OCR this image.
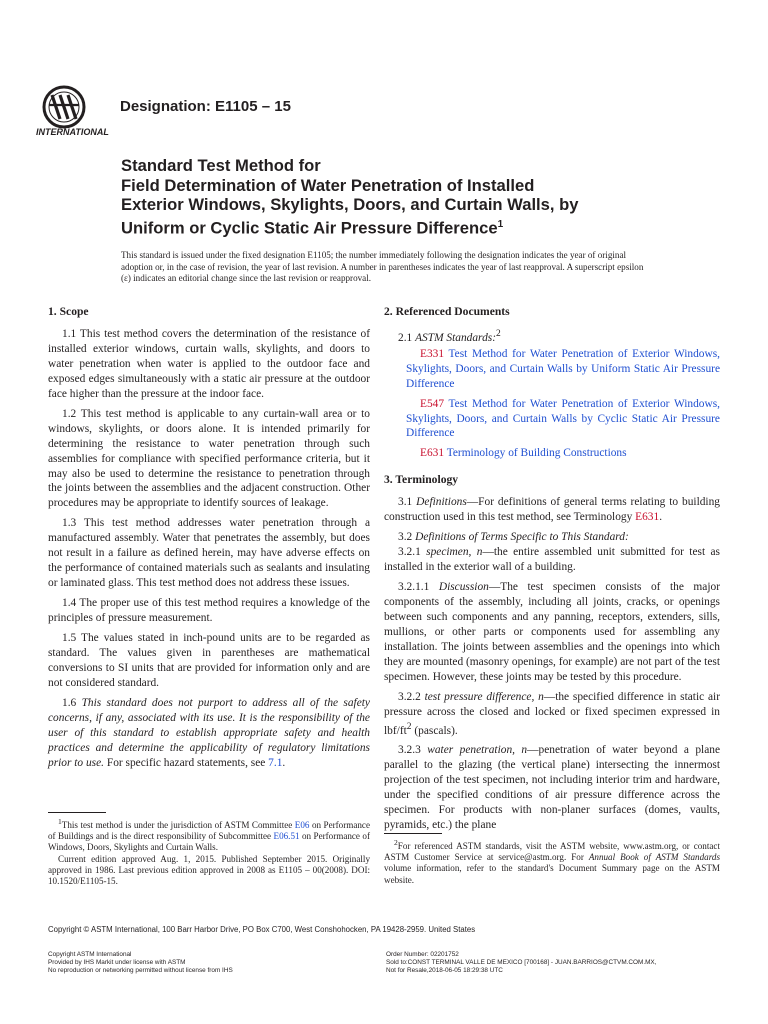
INTERNATIONAL
Designation: E1105 – 15
Standard Test Method for
Field Determination of Water Penetration of Installed
Exterior Windows, Skylights, Doors, and Curtain Walls, by
Uniform or Cyclic Static Air Pressure Difference$^1$
This standard is issued under the fixed designation E1105; the number immediately following the designation indicates the year of original adoption or, in the case of revision, the year of last revision. A number in parentheses indicates the year of last reapproval. A superscript epsilon (ε) indicates an editorial change since the last revision or reapproval.
1. Scope

1.1 This test method covers the determination of the resistance of installed exterior windows, curtain walls, skylights, and doors to water penetration when water is applied to the outdoor face and exposed edges simultaneously with a static air pressure at the outdoor face higher than the pressure at the indoor face.

1.2 This test method is applicable to any curtain-wall area or to windows, skylights, or doors alone. It is intended primarily for determining the resistance to water penetration through such assemblies for compliance with specified performance criteria, but it may also be used to determine the resistance to penetration through the joints between the assemblies and the adjacent construction. Other procedures may be appropriate to identify sources of leakage.

1.3 This test method addresses water penetration through a manufactured assembly. Water that penetrates the assembly, but does not result in a failure as defined herein, may have adverse effects on the performance of contained materials such as sealants and insulating or laminated glass. This test method does not address these issues.

1.4 The proper use of this test method requires a knowledge of the principles of pressure measurement.

1.5 The values stated in inch-pound units are to be regarded as standard. The values given in parentheses are mathematical conversions to SI units that are provided for information only and are not considered standard.

1.6 This standard does not purport to address all of the safety concerns, if any, associated with its use. It is the responsibility of the user of this standard to establish appropriate safety and health practices and determine the applicability of regulatory limitations prior to use. For specific hazard statements, see 7.1.

2. Referenced Documents

2.1 ASTM Standards:$^2$

E331 Test Method for Water Penetration of Exterior Windows, Skylights, Doors, and Curtain Walls by Uniform Static Air Pressure Difference

E547 Test Method for Water Penetration of Exterior Windows, Skylights, Doors, and Curtain Walls by Cyclic Static Air Pressure Difference

E631 Terminology of Building Constructions

3. Terminology

3.1 Definitions—For definitions of general terms relating to building construction used in this test method, see Terminology E631.

3.2 Definitions of Terms Specific to This Standard:

3.2.1 specimen, n—the entire assembled unit submitted for test as installed in the exterior wall of a building.

3.2.1.1 Discussion—The test specimen consists of the major components of the assembly, including all joints, cracks, or openings between such components and any panning, receptors, extenders, sills, mullions, or other parts or components used for assembling any installation. The joints between assemblies and the openings into which they are mounted (masonry openings, for example) are not part of the test specimen. However, these joints may be tested by this procedure.

3.2.2 test pressure difference, n—the specified difference in static air pressure across the closed and locked or fixed specimen expressed in lbf/$ft^2$ (pascals).

3.2.3 water penetration, n—penetration of water beyond a plane parallel to the glazing (the vertical plane) intersecting the innermost projection of the test specimen, not including interior trim and hardware, under the specified conditions of air pressure difference across the specimen. For products with non-planer surfaces (domes, vaults, pyramids, etc.) the plane

$^1$This test method is under the jurisdiction of ASTM Committee E06 on Performance of Buildings and is the direct responsibility of Subcommittee E06.51 on Performance of Windows, Doors, Skylights and Curtain Walls.

Current edition approved Aug. 1, 2015. Published September 2015. Originally approved in 1986. Last previous edition approved in 2008 as E1105 – 00(2008). DOI: 10.1520/E1105-15.

$^2$For referenced ASTM standards, visit the ASTM website, www.astm.org, or contact ASTM Customer Service at service@astm.org. For Annual Book of ASTM Standards volume information, refer to the standard's Document Summary page on the ASTM website.

Copyright © ASTM International, 100 Barr Harbor Drive, PO Box C700, West Conshohocken, PA 19428-2959. United States
Copyright ASTM International
Provided by IHS Markit under license with ASTM
No reproduction or networking permitted without license from IHS
Order Number: 02201752
Sold to:CONST TERMINAL VALLE DE MEXICO [700168] - JUAN.BARRIOS@CTVM.COM.MX,
Not for Resale,2018-06-05 18:29:38 UTC
